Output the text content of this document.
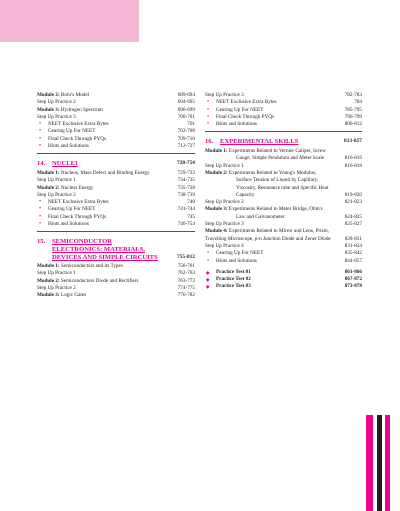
Module 2: Bohr's Model	689-694
Step Up Practice 2	694-695
Module 3: Hydrogen Spectrum	696-699
Step Up Practice 3	700-701
• NEET Exclusive Extra Bytes	701
• Gearing Up For NEET	702-708
• Final Check Through PYQs	709-710
• Hints and Solutions	712-727
14. NUCLEI	728-754
Module 1: Nucleus, Mass Defect and Binding Energy	729-733
Step Up Practice 1	734-735
Module 2: Nuclear Energy	735-738
Step Up Practice 2	738-739
• NEET Exclusive Extra Bytes	740
• Gearing Up For NEET	741-744
• Final Check Through PYQs	745
• Hints and Solutions	746-754
15. SEMICONDUCTOR ELECTRONICS: MATERIALS, DEVICES AND SIMPLE CIRCUITS	755-812
Module 1: Semiconductors and its Types	756-761
Step Up Practice 1	762-763
Module 2: Semiconductors Diode and Rectifiers	763-773
Step Up Practice 2	774-775
Module 3: Logic Gates	776-782
Step Up Practice 3	782-783
• NEET Exclusive Extra Bytes	784
• Gearing Up For NEET	785-795
• Final Check Through PYQs	796-799
• Hints and Solutions	800-812
16. EXPERIMENTAL SKILLS	813-857
Module 1: Experiments Related to Vernier Caliper, Screw Gauge, Simple Pendulum and Meter Scale	816-816
Step Up Practice 1	816-818
Module 2: Experiments Related to Young's Modulus, Surface Tension of Liquid by Capillary, Viscosity, Resonance tube and Specific Heat Capacity	819-820
Step Up Practice 2	821-823
Module 3: Experiments Related to Meter Bridge, Ohm's Law and Galvanometer	824-825
Step Up Practice 3	825-827
Module 4: Experiments Related to Mirror and Lens, Prism, Travelling Microscope, p-n Junction Diode and Zener Diode	828-831
Step Up Practice 4	831-834
• Gearing Up For NEET	835-842
• Hints and Solutions	844-857
◆ Practice Test 01	861-866
◆ Practice Test 02	867-872
◆ Practice Test 03	873-878
